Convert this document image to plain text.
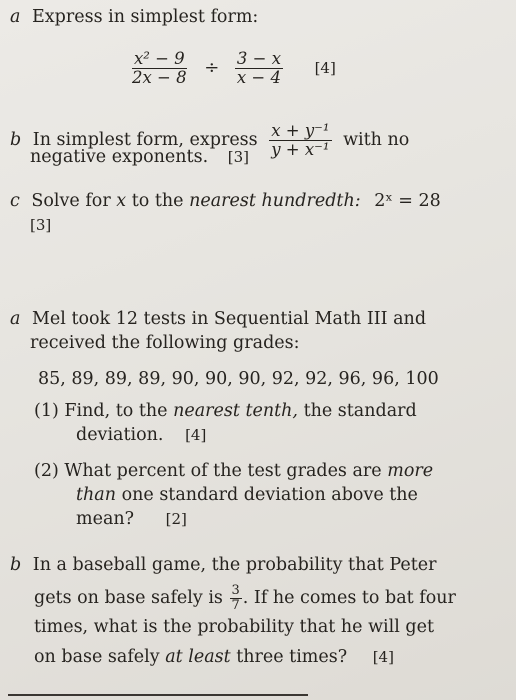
a Express in simplest form:
$\frac{\text{x² − 9}}{2x - 8} \div \frac{3 - x}{x - 4} [4]$
b In simplest form, express $\frac{\text{x + y⁻¹}}{\text{y + x⁻¹}}$ with no
negative exponents. [3]
c Solve for x to the nearest hundredth: 2ˣ = 28
[3]
a Mel took 12 tests in Sequential Math III and
received the following grades:
85, 89, 89, 89, 90, 90, 90, 92, 92, 96, 96, 100
(1) Find, to the nearest tenth, the standard
deviation. [4]
(2) What percent of the test grades are more
than one standard deviation above the
mean? [2]
b In a baseball game, the probability that Peter
gets on base safely is $\frac{3}{7}$ . If he comes to bat four
times, what is the probability that he will get
on base safely at least three times? [4]
